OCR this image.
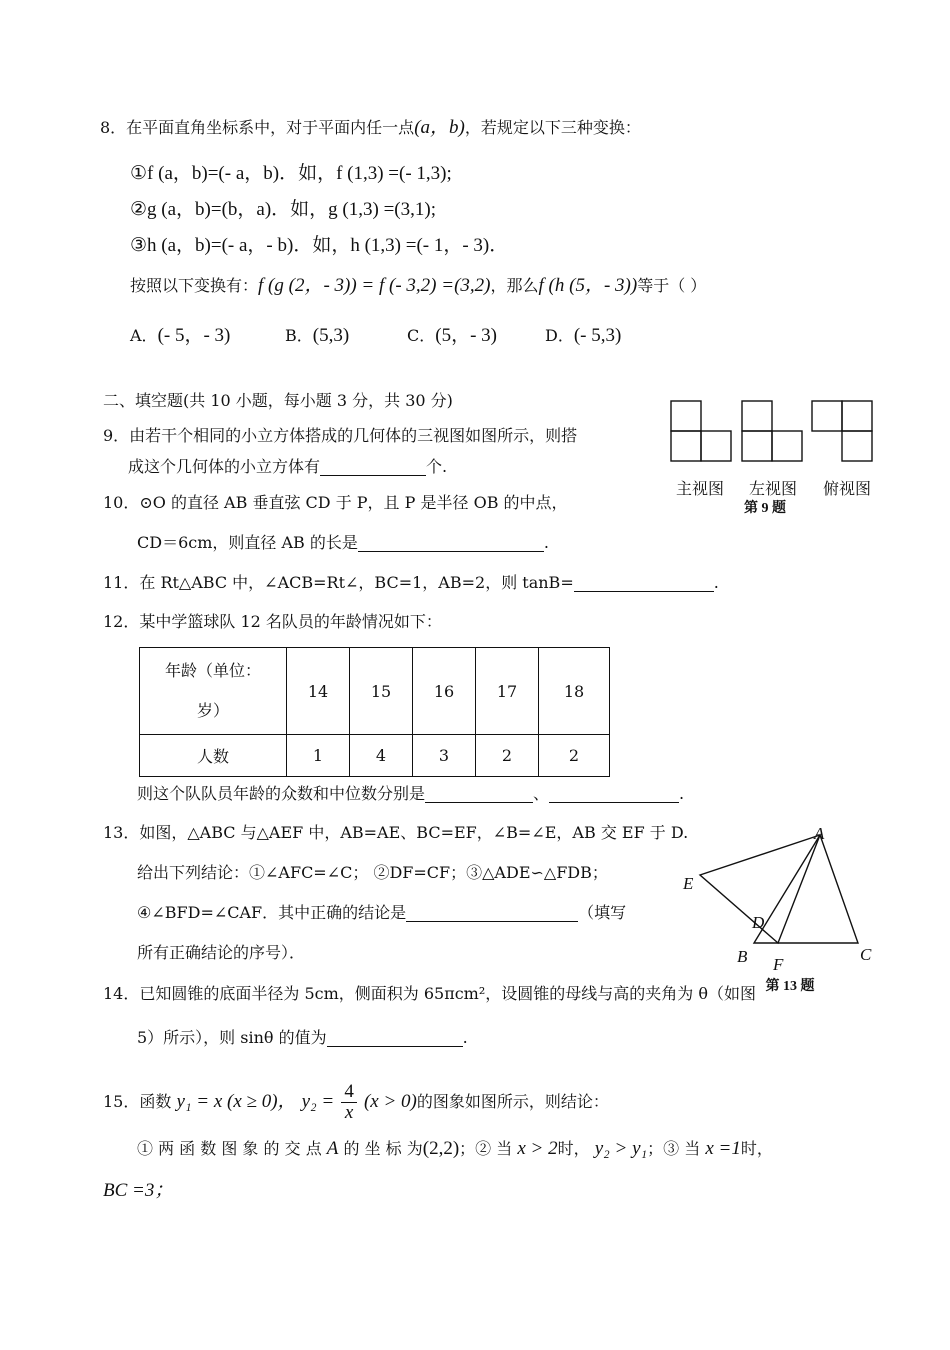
8．在平面直角坐标系中，对于平面内任一点(a，b)，若规定以下三种变换：
①f (a，b)=(- a，b)．如，f (1,3) =(- 1,3);
②g (a，b)=(b，a)．如，g (1,3) =(3,1);
③h (a，b)=(- a，- b)．如，h (1,3) =(- 1，- 3)．
按照以下变换有：f (g (2，- 3)) = f (- 3,2) =(3,2)，那么f (h (5，- 3))等于（ ）
A．(- 5，- 3)	B．(5,3)	C．(5，- 3)	D．(- 5,3)
二、填空题(共 10 小题，每小题 3 分，共 30 分)
9．由若干个相同的小立方体搭成的几何体的三视图如图所示，则搭
成这个几何体的小立方体有	个.
主视图	左视图	俯视图
第 9 题
10．⊙O 的直径 AB 垂直弦 CD 于 P，且 P 是半径 OB 的中点，
CD＝6cm，则直径 AB 的长是	.
11．在 Rt△ABC 中，∠ACB=Rt∠，BC=1，AB=2，则 tanB=	.
12．某中学篮球队 12 名队员的年龄情况如下：
年龄（单位：
岁）	14	15	16	17	18
人数	1	4	3	2	2
则这个队队员年龄的众数和中位数分别是	、	.
13．如图，△ABC 与△AEF 中，AB=AE、BC=EF，∠B=∠E，AB 交 EF 于 D.
给出下列结论：①∠AFC=∠C； ②DF=CF；③△ADE∽△FDB；
④∠BFD=∠CAF．其中正确的结论是	（填写
所有正确结论的序号）．
A
E
D
B F
C
第 13 题
14．已知圆锥的底面半径为 5cm，侧面积为 65πcm²，设圆锥的母线与高的夹角为 θ（如图
5）所示），则 sinθ 的值为	.
15．函数 y₁ = x (x ≥ 0)， $y_2 = \frac{4}{x} (x > 0)$的图象如图所示，则结论：
① 两 函 数 图 象 的 交 点 A 的 坐 标 为(2,2)；② 当 x > 2时， y₂ > y₁；③ 当 x =1时，
BC =3；
